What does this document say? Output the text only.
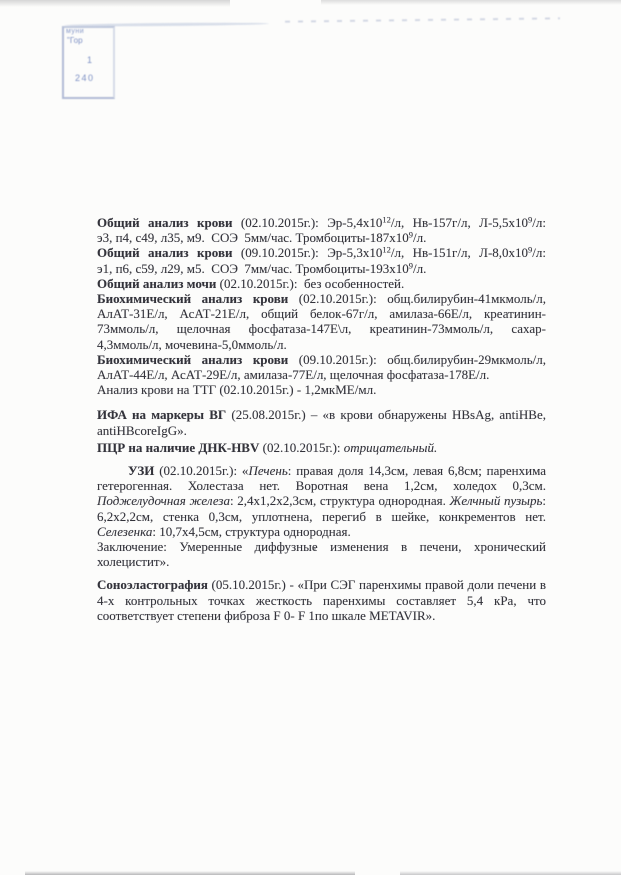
муни
"Гор
1
240
Общий анализ крови (02.10.2015г.): $Эр-5,4х10^{12}/л$, Нв-157г/л, $Л-5,5х10^9/л$:
э3, п4, с49, л35, м9.  СОЭ  5мм/час. Тромбоциты-$187х10^9/л$.
Общий анализ крови (09.10.2015г.): $Эр-5,3х10^{12}/л$, Нв-151г/л, $Л-8,0х10^9/л$:
э1, п6, с59, л29, м5.  СОЭ  7мм/час. Тромбоциты-$193х10^9/л$.
Общий анализ мочи (02.10.2015г.):  без особенностей.
Биохимический анализ крови (02.10.2015г.): общ.билирубин-41мкмоль/л,
АлАТ-31Е/л, АсАТ-21Е/л, общий белок-67г/л, амилаза-66Е/л, креатинин-
73ммоль/л, щелочная фосфатаза-147Е\л, креатинин-73ммоль/л, сахар-
4,3ммоль/л, мочевина-5,0ммоль/л.
Биохимический анализ крови (09.10.2015г.): общ.билирубин-29мкмоль/л,
АлАТ-44Е/л, АсАТ-29Е/л, амилаза-77Е/л, щелочная фосфатаза-178Е/л.
Анализ крови на ТТГ (02.10.2015г.) - 1,2мкМЕ/мл.
ИФА на маркеры ВГ (25.08.2015г.) – «в крови обнаружены HBsAg, antiHBe,
antiHBcoreIgG».
ПЦР на наличие ДНК-HBV (02.10.2015г.): отрицательный.
УЗИ (02.10.2015г.): «Печень: правая доля 14,3см, левая 6,8см; паренхима
гетерогенная. Холестаза нет. Воротная вена 1,2см, холедох 0,3см.
Поджелудочная железа: 2,4х1,2х2,3см, структура однородная. Желчный пузырь:
6,2х2,2см, стенка 0,3см, уплотнена, перегиб в шейке, конкрементов нет.
Селезенка: 10,7х4,5см, структура однородная.
Заключение: Умеренные диффузные изменения в печени, хронический
холецистит».
Соноэластография (05.10.2015г.) - «При СЭГ паренхимы правой доли печени в
4-х контрольных точках жесткость паренхимы составляет 5,4 кРа, что
соответствует степени фиброза F 0- F 1по шкале METAVIR».
